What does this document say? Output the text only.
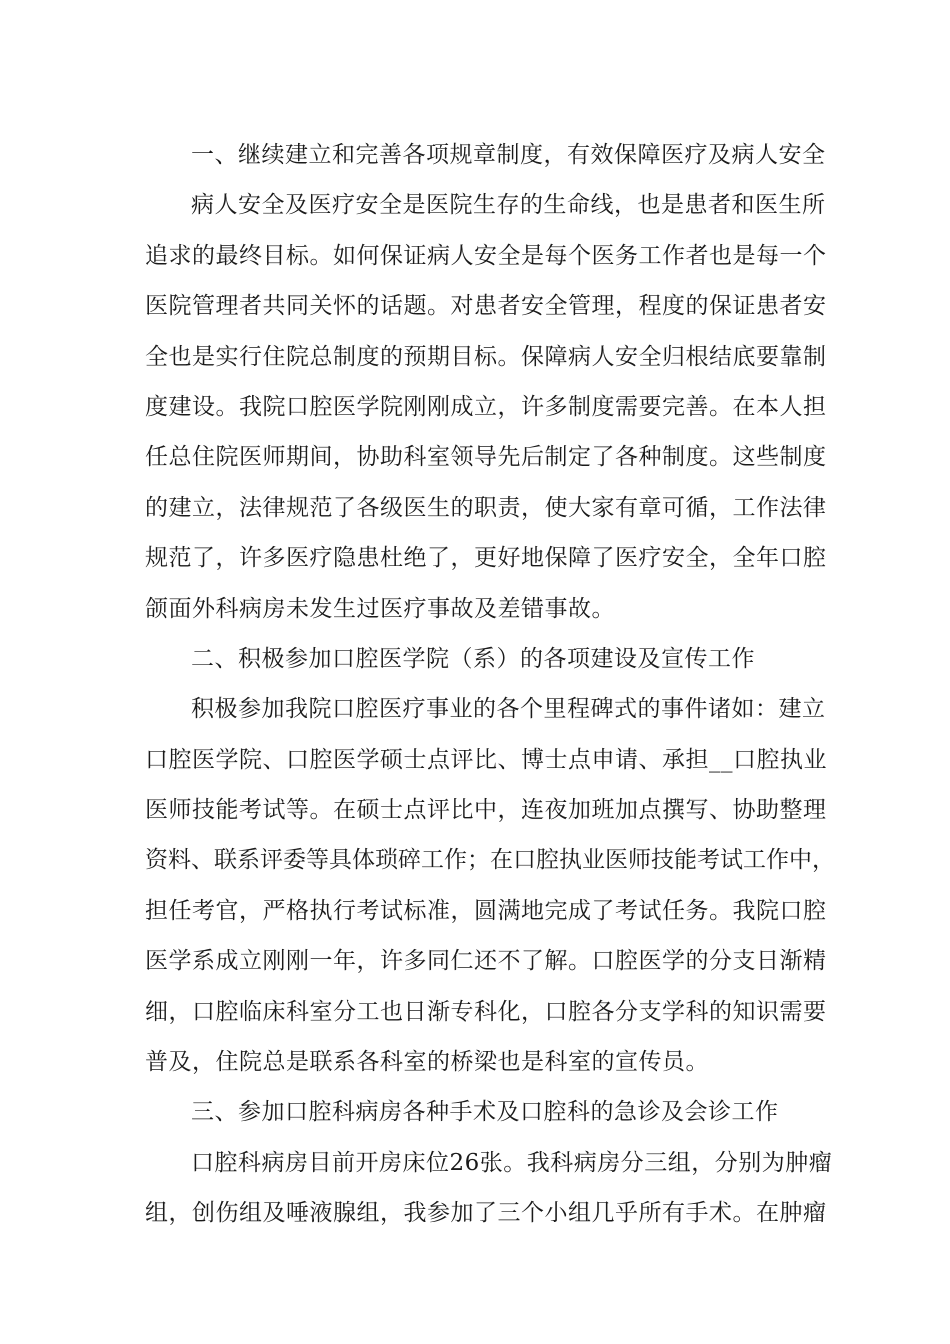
一、继续建立和完善各项规章制度，有效保障医疗及病人安全
病人安全及医疗安全是医院生存的生命线，也是患者和医生所
追求的最终目标。如何保证病人安全是每个医务工作者也是每一个
医院管理者共同关怀的话题。对患者安全管理，程度的保证患者安
全也是实行住院总制度的预期目标。保障病人安全归根结底要靠制
度建设。我院口腔医学院刚刚成立，许多制度需要完善。在本人担
任总住院医师期间，协助科室领导先后制定了各种制度。这些制度
的建立，法律规范了各级医生的职责，使大家有章可循，工作法律
规范了，许多医疗隐患杜绝了，更好地保障了医疗安全，全年口腔
颌面外科病房未发生过医疗事故及差错事故。
二、积极参加口腔医学院（系）的各项建设及宣传工作
积极参加我院口腔医疗事业的各个里程碑式的事件诸如：建立
口腔医学院、口腔医学硕士点评比、博士点申请、承担__口腔执业
医师技能考试等。在硕士点评比中，连夜加班加点撰写、协助整理
资料、联系评委等具体琐碎工作；在口腔执业医师技能考试工作中，
担任考官，严格执行考试标准，圆满地完成了考试任务。我院口腔
医学系成立刚刚一年，许多同仁还不了解。口腔医学的分支日渐精
细，口腔临床科室分工也日渐专科化，口腔各分支学科的知识需要
普及，住院总是联系各科室的桥梁也是科室的宣传员。
三、参加口腔科病房各种手术及口腔科的急诊及会诊工作
口腔科病房目前开房床位26张。我科病房分三组，分别为肿瘤
组，创伤组及唾液腺组，我参加了三个小组几乎所有手术。在肿瘤
